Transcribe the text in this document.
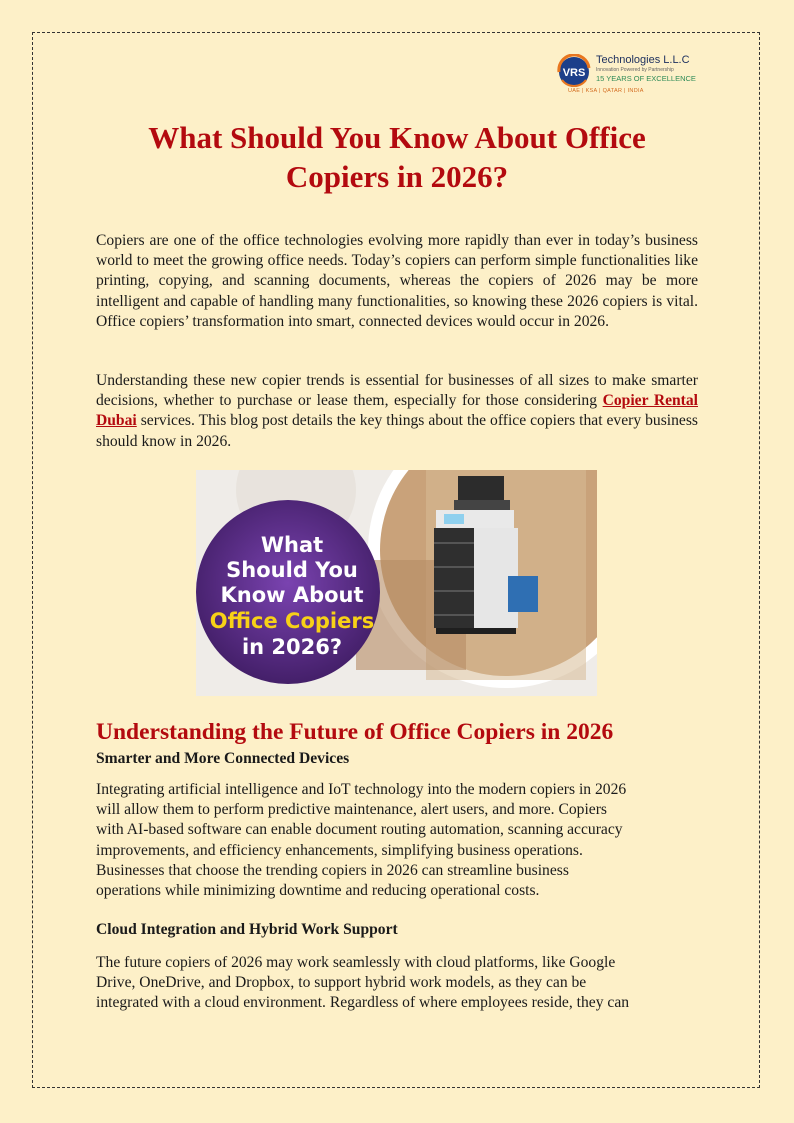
VRS
Technologies L.L.C
Innovation Powered by Partnership
15 YEARS OF EXCELLENCE
UAE | KSA | QATAR | INDIA
What Should You Know About Office
Copiers in 2026?

Copiers are one of the office technologies evolving more rapidly than ever in today’s business world to meet the growing office needs. Today’s copiers can perform simple functionalities like printing, copying, and scanning documents, whereas the copiers of 2026 may be more intelligent and capable of handling many functionalities, so knowing these 2026 copiers is vital. Office copiers’ transformation into smart, connected devices would occur in 2026.

Understanding these new copier trends is essential for businesses of all sizes to make smarter decisions, whether to purchase or lease them, especially for those considering Copier Rental Dubai services. This blog post details the key things about the office copiers that every business should know in 2026.

What
Should You
Know About
Office Copiers
in 2026?
Understanding the Future of Office Copiers in 2026
Smarter and More Connected Devices
Integrating artificial intelligence and IoT technology into the modern copiers in 2026
will allow them to perform predictive maintenance, alert users, and more. Copiers
with AI-based software can enable document routing automation, scanning accuracy
improvements, and efficiency enhancements, simplifying business operations.
Businesses that choose the trending copiers in 2026 can streamline business
operations while minimizing downtime and reducing operational costs.
Cloud Integration and Hybrid Work Support
The future copiers of 2026 may work seamlessly with cloud platforms, like Google
Drive, OneDrive, and Dropbox, to support hybrid work models, as they can be
integrated with a cloud environment. Regardless of where employees reside, they can
